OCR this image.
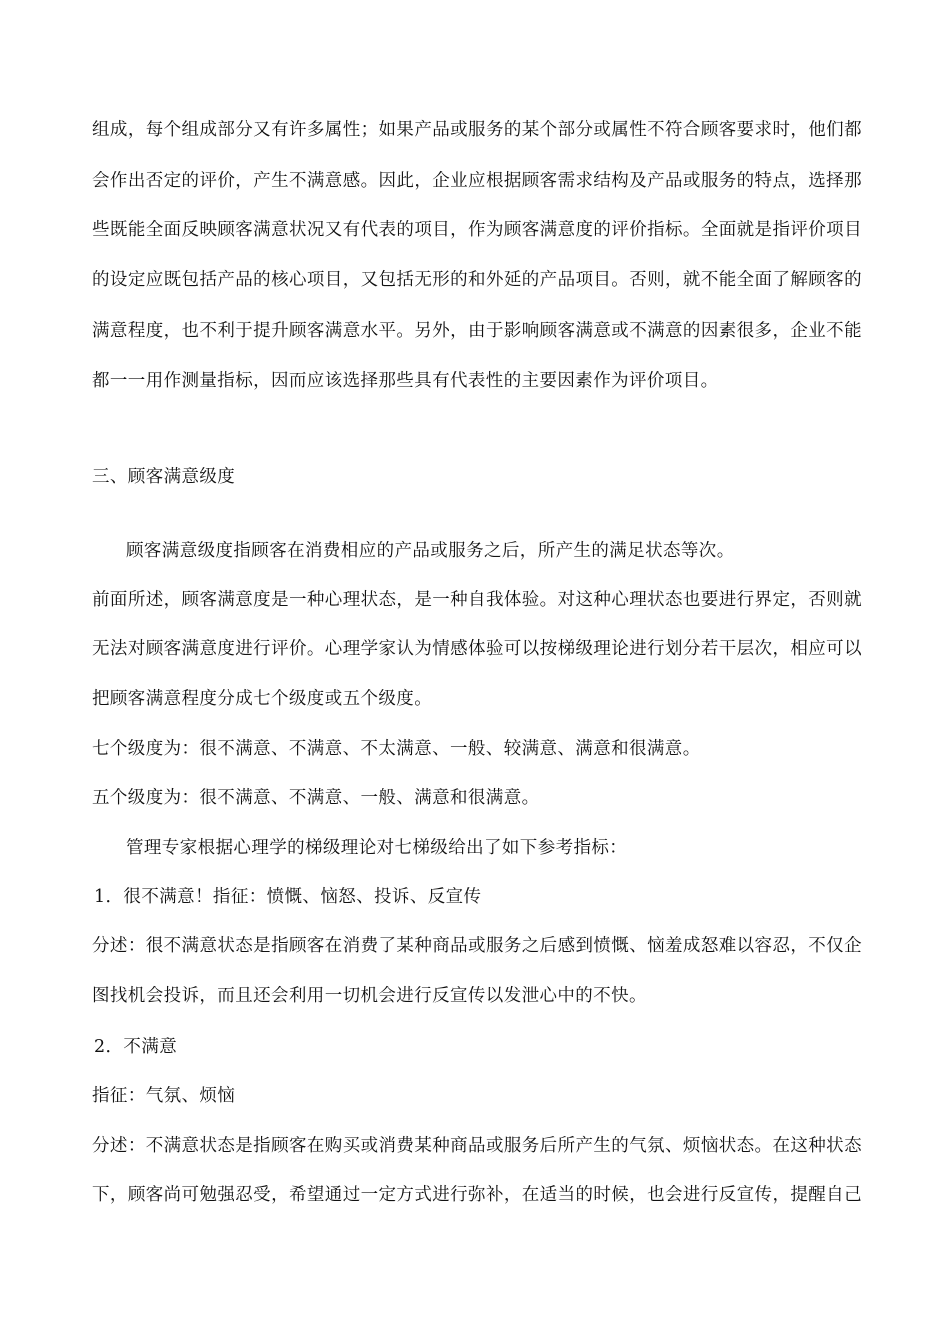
组成，每个组成部分又有许多属性；如果产品或服务的某个部分或属性不符合顾客要求时，他们都
会作出否定的评价，产生不满意感。因此，企业应根据顾客需求结构及产品或服务的特点，选择那
些既能全面反映顾客满意状况又有代表的项目，作为顾客满意度的评价指标。全面就是指评价项目
的设定应既包括产品的核心项目，又包括无形的和外延的产品项目。否则，就不能全面了解顾客的
满意程度，也不利于提升顾客满意水平。另外，由于影响顾客满意或不满意的因素很多，企业不能
都一一用作测量指标，因而应该选择那些具有代表性的主要因素作为评价项目。
三、顾客满意级度
顾客满意级度指顾客在消费相应的产品或服务之后，所产生的满足状态等次。
前面所述，顾客满意度是一种心理状态，是一种自我体验。对这种心理状态也要进行界定，否则就
无法对顾客满意度进行评价。心理学家认为情感体验可以按梯级理论进行划分若干层次，相应可以
把顾客满意程度分成七个级度或五个级度。
七个级度为：很不满意、不满意、不太满意、一般、较满意、满意和很满意。
五个级度为：很不满意、不满意、一般、满意和很满意。
管理专家根据心理学的梯级理论对七梯级给出了如下参考指标：
1．很不满意！指征：愤慨、恼怒、投诉、反宣传
分述：很不满意状态是指顾客在消费了某种商品或服务之后感到愤慨、恼羞成怒难以容忍，不仅企
图找机会投诉，而且还会利用一切机会进行反宣传以发泄心中的不快。
2．不满意
指征：气氛、烦恼
分述：不满意状态是指顾客在购买或消费某种商品或服务后所产生的气氛、烦恼状态。在这种状态
下，顾客尚可勉强忍受，希望通过一定方式进行弥补，在适当的时候，也会进行反宣传，提醒自己
